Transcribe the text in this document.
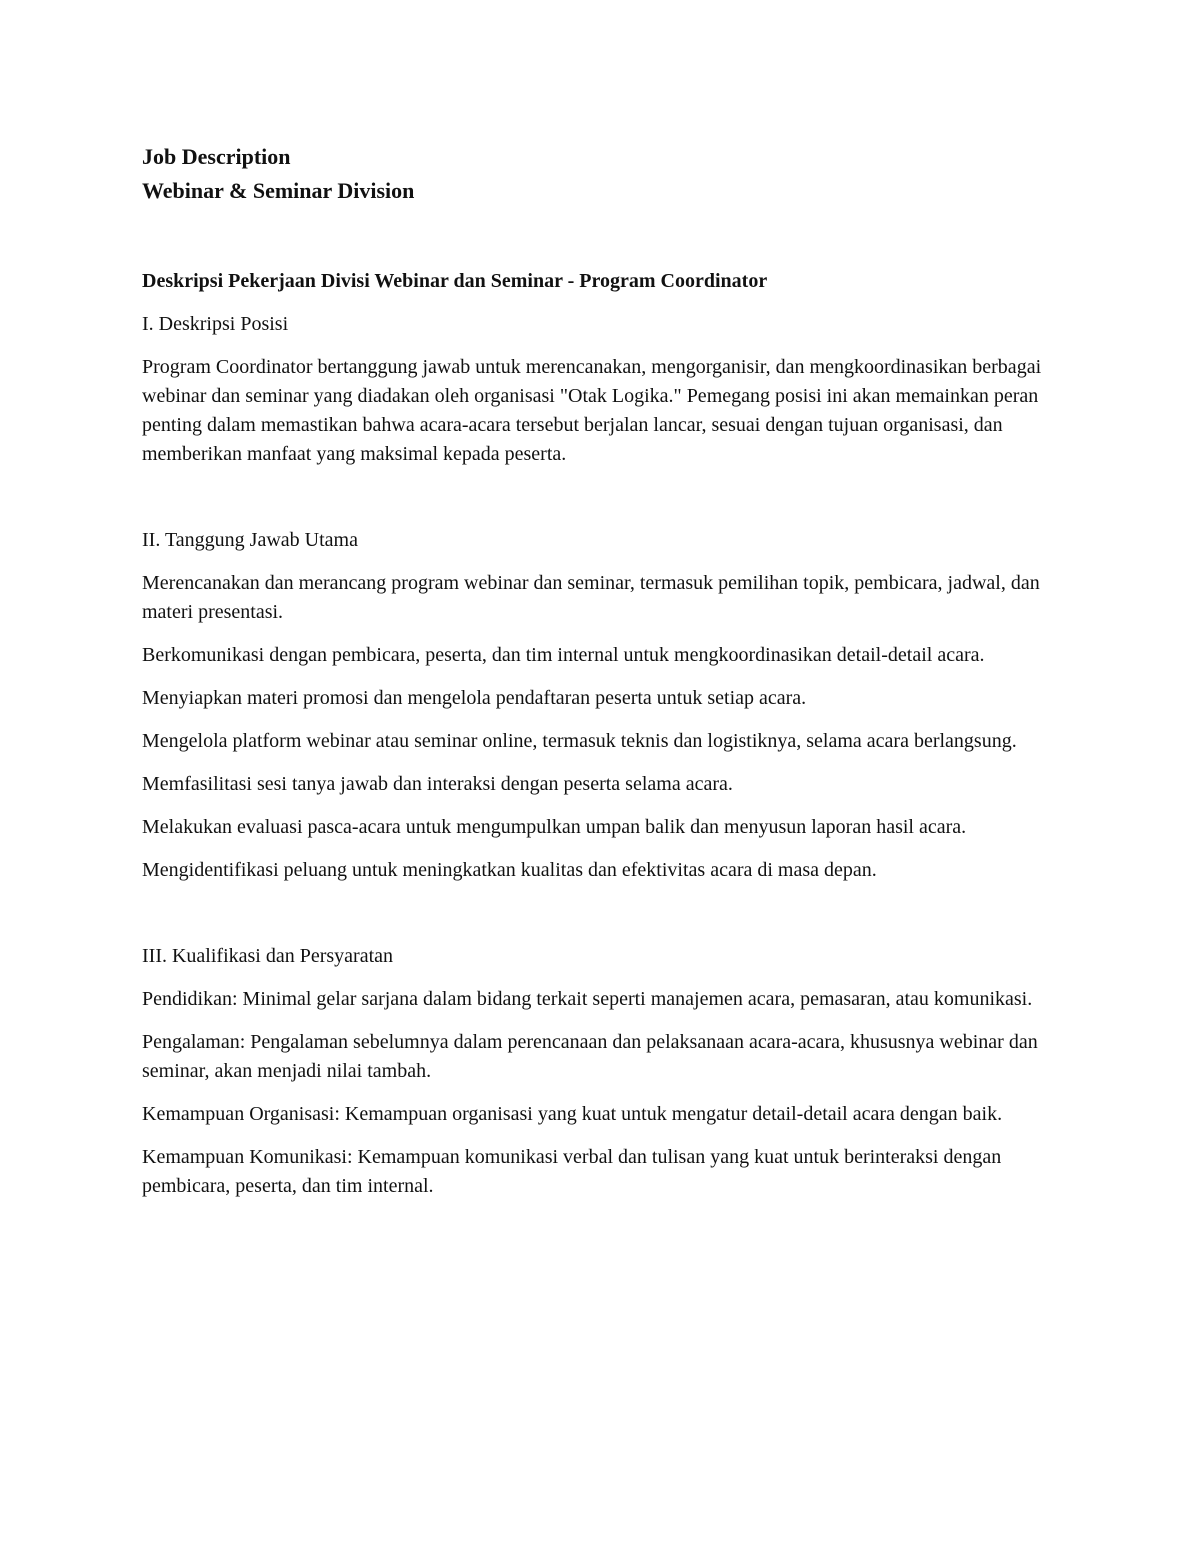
Job Description
Webinar & Seminar Division
Deskripsi Pekerjaan Divisi Webinar dan Seminar - Program Coordinator
I. Deskripsi Posisi

Program Coordinator bertanggung jawab untuk merencanakan, mengorganisir, dan mengkoordinasikan berbagai webinar dan seminar yang diadakan oleh organisasi "Otak Logika." Pemegang posisi ini akan memainkan peran penting dalam memastikan bahwa acara-acara tersebut berjalan lancar, sesuai dengan tujuan organisasi, dan memberikan manfaat yang maksimal kepada peserta.

II. Tanggung Jawab Utama

Merencanakan dan merancang program webinar dan seminar, termasuk pemilihan topik, pembicara, jadwal, dan materi presentasi.

Berkomunikasi dengan pembicara, peserta, dan tim internal untuk mengkoordinasikan detail-detail acara.

Menyiapkan materi promosi dan mengelola pendaftaran peserta untuk setiap acara.

Mengelola platform webinar atau seminar online, termasuk teknis dan logistiknya, selama acara berlangsung.

Memfasilitasi sesi tanya jawab dan interaksi dengan peserta selama acara.

Melakukan evaluasi pasca-acara untuk mengumpulkan umpan balik dan menyusun laporan hasil acara.

Mengidentifikasi peluang untuk meningkatkan kualitas dan efektivitas acara di masa depan.

III. Kualifikasi dan Persyaratan

Pendidikan: Minimal gelar sarjana dalam bidang terkait seperti manajemen acara, pemasaran, atau komunikasi.

Pengalaman: Pengalaman sebelumnya dalam perencanaan dan pelaksanaan acara-acara, khususnya webinar dan seminar, akan menjadi nilai tambah.

Kemampuan Organisasi: Kemampuan organisasi yang kuat untuk mengatur detail-detail acara dengan baik.

Kemampuan Komunikasi: Kemampuan komunikasi verbal dan tulisan yang kuat untuk berinteraksi dengan pembicara, peserta, dan tim internal.
